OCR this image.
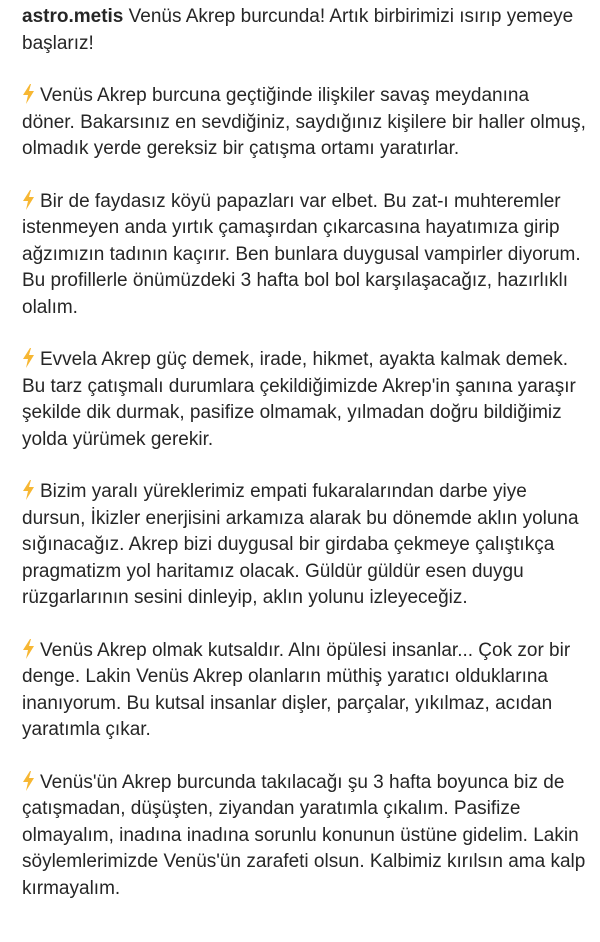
astro.metis Venüs Akrep burcunda! Artık birbirimizi ısırıp yemeye başlarız!

Venüs Akrep burcuna geçtiğinde ilişkiler savaş meydanına döner. Bakarsınız en sevdiğiniz, saydığınız kişilere bir haller olmuş, olmadık yerde gereksiz bir çatışma ortamı yaratırlar.

Bir de faydasız köyü papazları var elbet. Bu zat-ı muhteremler istenmeyen anda yırtık çamaşırdan çıkarcasına hayatımıza girip ağzımızın tadının kaçırır. Ben bunlara duygusal vampirler diyorum. Bu profillerle önümüzdeki 3 hafta bol bol karşılaşacağız, hazırlıklı olalım.

Evvela Akrep güç demek, irade, hikmet, ayakta kalmak demek. Bu tarz çatışmalı durumlara çekildiğimizde Akrep'in şanına yaraşır şekilde dik durmak, pasifize olmamak, yılmadan doğru bildiğimiz yolda yürümek gerekir.

Bizim yaralı yüreklerimiz empati fukaralarından darbe yiye dursun, İkizler enerjisini arkamıza alarak bu dönemde aklın yoluna sığınacağız. Akrep bizi duygusal bir girdaba çekmeye çalıştıkça pragmatizm yol haritamız olacak. Güldür güldür esen duygu rüzgarlarının sesini dinleyip, aklın yolunu izleyeceğiz.

Venüs Akrep olmak kutsaldır. Alnı öpülesi insanlar... Çok zor bir denge. Lakin Venüs Akrep olanların müthiş yaratıcı olduklarına inanıyorum. Bu kutsal insanlar dişler, parçalar, yıkılmaz, acıdan yaratımla çıkar.

Venüs'ün Akrep burcunda takılacağı şu 3 hafta boyunca biz de çatışmadan, düşüşten, ziyandan yaratımla çıkalım. Pasifize olmayalım, inadına inadına sorunlu konunun üstüne gidelim. Lakin söylemlerimizde Venüs'ün zarafeti olsun. Kalbimiz kırılsın ama kalp kırmayalım.
